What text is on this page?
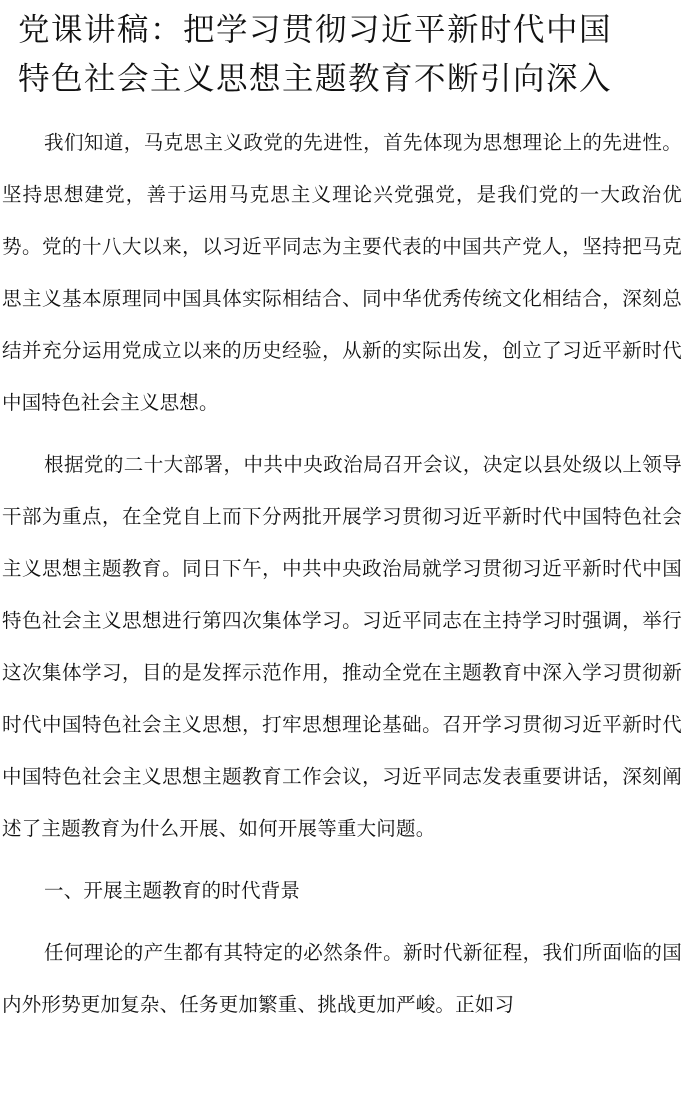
党课讲稿：把学习贯彻习近平新时代中国
特色社会主义思想主题教育不断引向深入

我们知道，马克思主义政党的先进性，首先体现为思想理论上的先进性。坚持思想建党，善于运用马克思主义理论兴党强党，是我们党的一大政治优势。党的十八大以来，以习近平同志为主要代表的中国共产党人，坚持把马克思主义基本原理同中国具体实际相结合、同中华优秀传统文化相结合，深刻总结并充分运用党成立以来的历史经验，从新的实际出发，创立了习近平新时代中国特色社会主义思想。

根据党的二十大部署，中共中央政治局召开会议，决定以县处级以上领导干部为重点，在全党自上而下分两批开展学习贯彻习近平新时代中国特色社会主义思想主题教育。同日下午，中共中央政治局就学习贯彻习近平新时代中国特色社会主义思想进行第四次集体学习。习近平同志在主持学习时强调，举行这次集体学习，目的是发挥示范作用，推动全党在主题教育中深入学习贯彻新时代中国特色社会主义思想，打牢思想理论基础。召开学习贯彻习近平新时代中国特色社会主义思想主题教育工作会议，习近平同志发表重要讲话，深刻阐述了主题教育为什么开展、如何开展等重大问题。

一、开展主题教育的时代背景

任何理论的产生都有其特定的必然条件。新时代新征程，我们所面临的国内外形势更加复杂、任务更加繁重、挑战更加严峻。正如习
